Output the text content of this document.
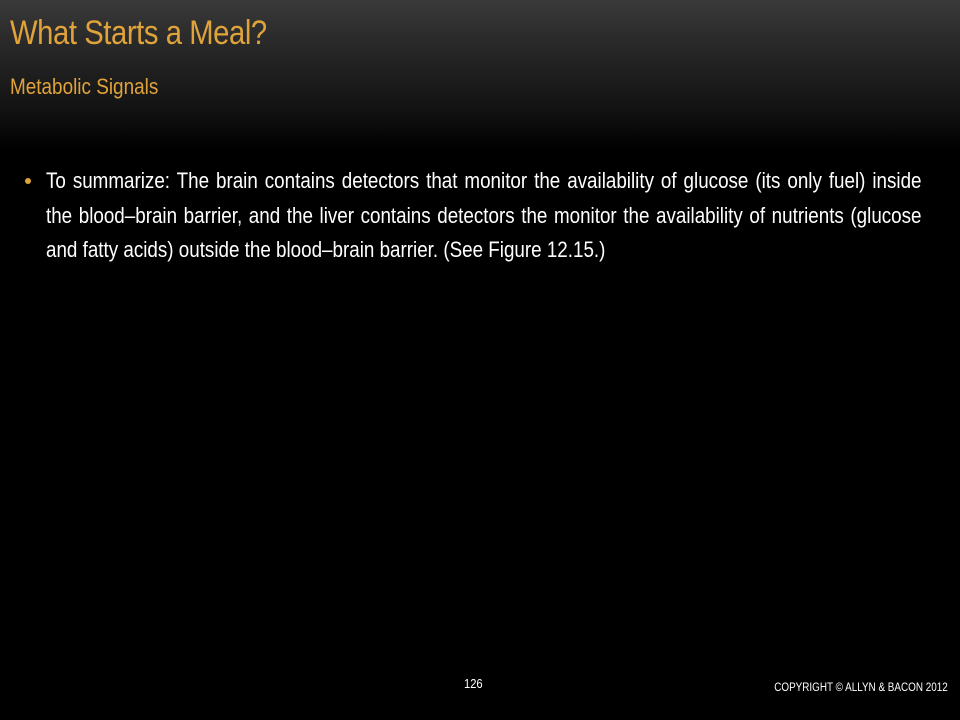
What Starts a Meal?
Metabolic Signals
To summarize: The brain contains detectors that monitor the availability of glucose (its only fuel) inside the blood–brain barrier, and the liver contains detectors the monitor the availability of nutrients (glucose and fatty acids) outside the blood–brain barrier. (See Figure 12.15.)
126	COPYRIGHT © ALLYN & BACON 2012
